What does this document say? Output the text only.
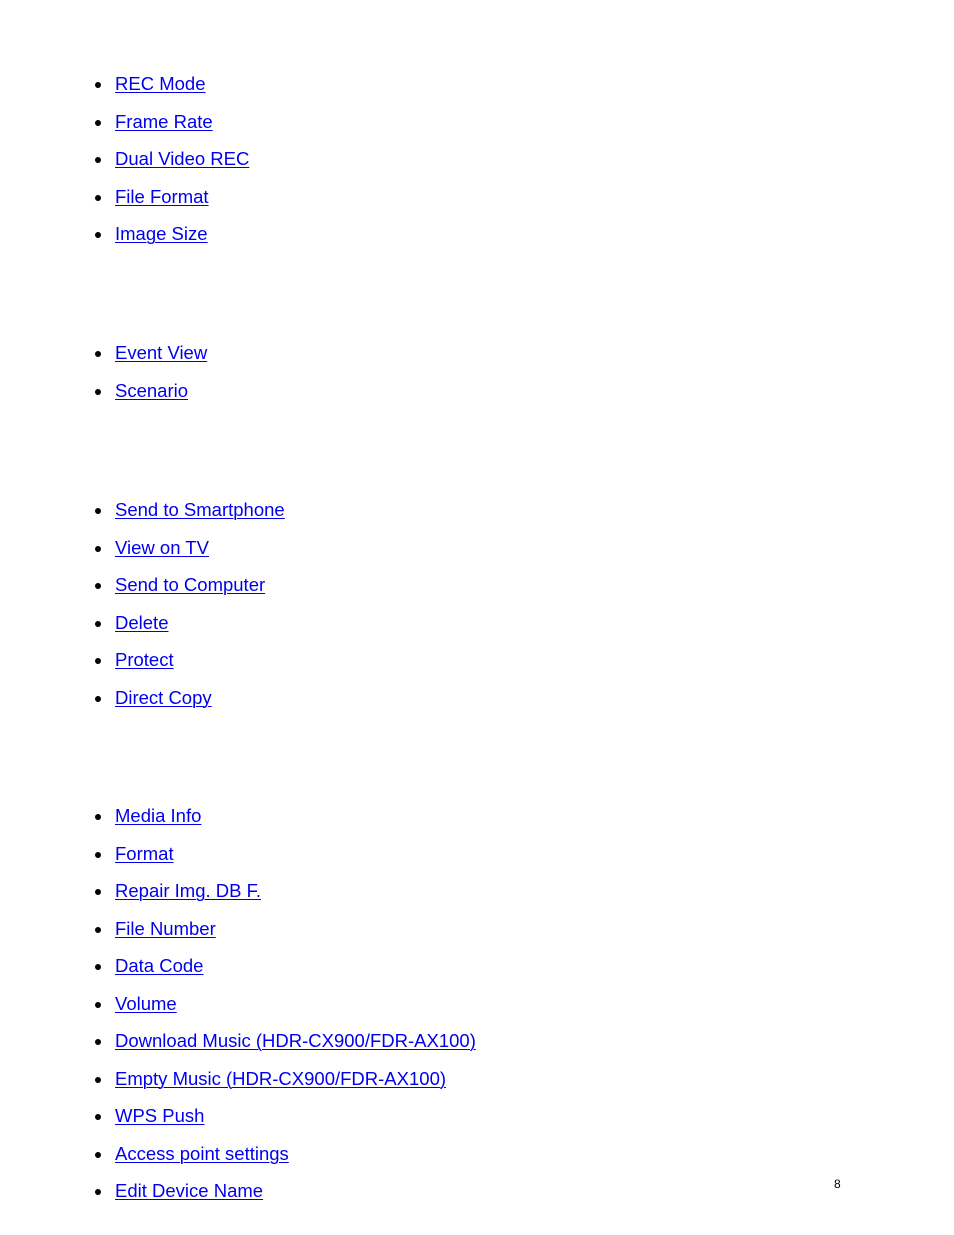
REC Mode
Frame Rate
Dual Video REC
File Format
Image Size
Event View
Scenario
Send to Smartphone
View on TV
Send to Computer
Delete
Protect
Direct Copy
Media Info
Format
Repair Img. DB F.
File Number
Data Code
Volume
Download Music (HDR-CX900/FDR-AX100)
Empty Music (HDR-CX900/FDR-AX100)
WPS Push
Access point settings
Edit Device Name	8
